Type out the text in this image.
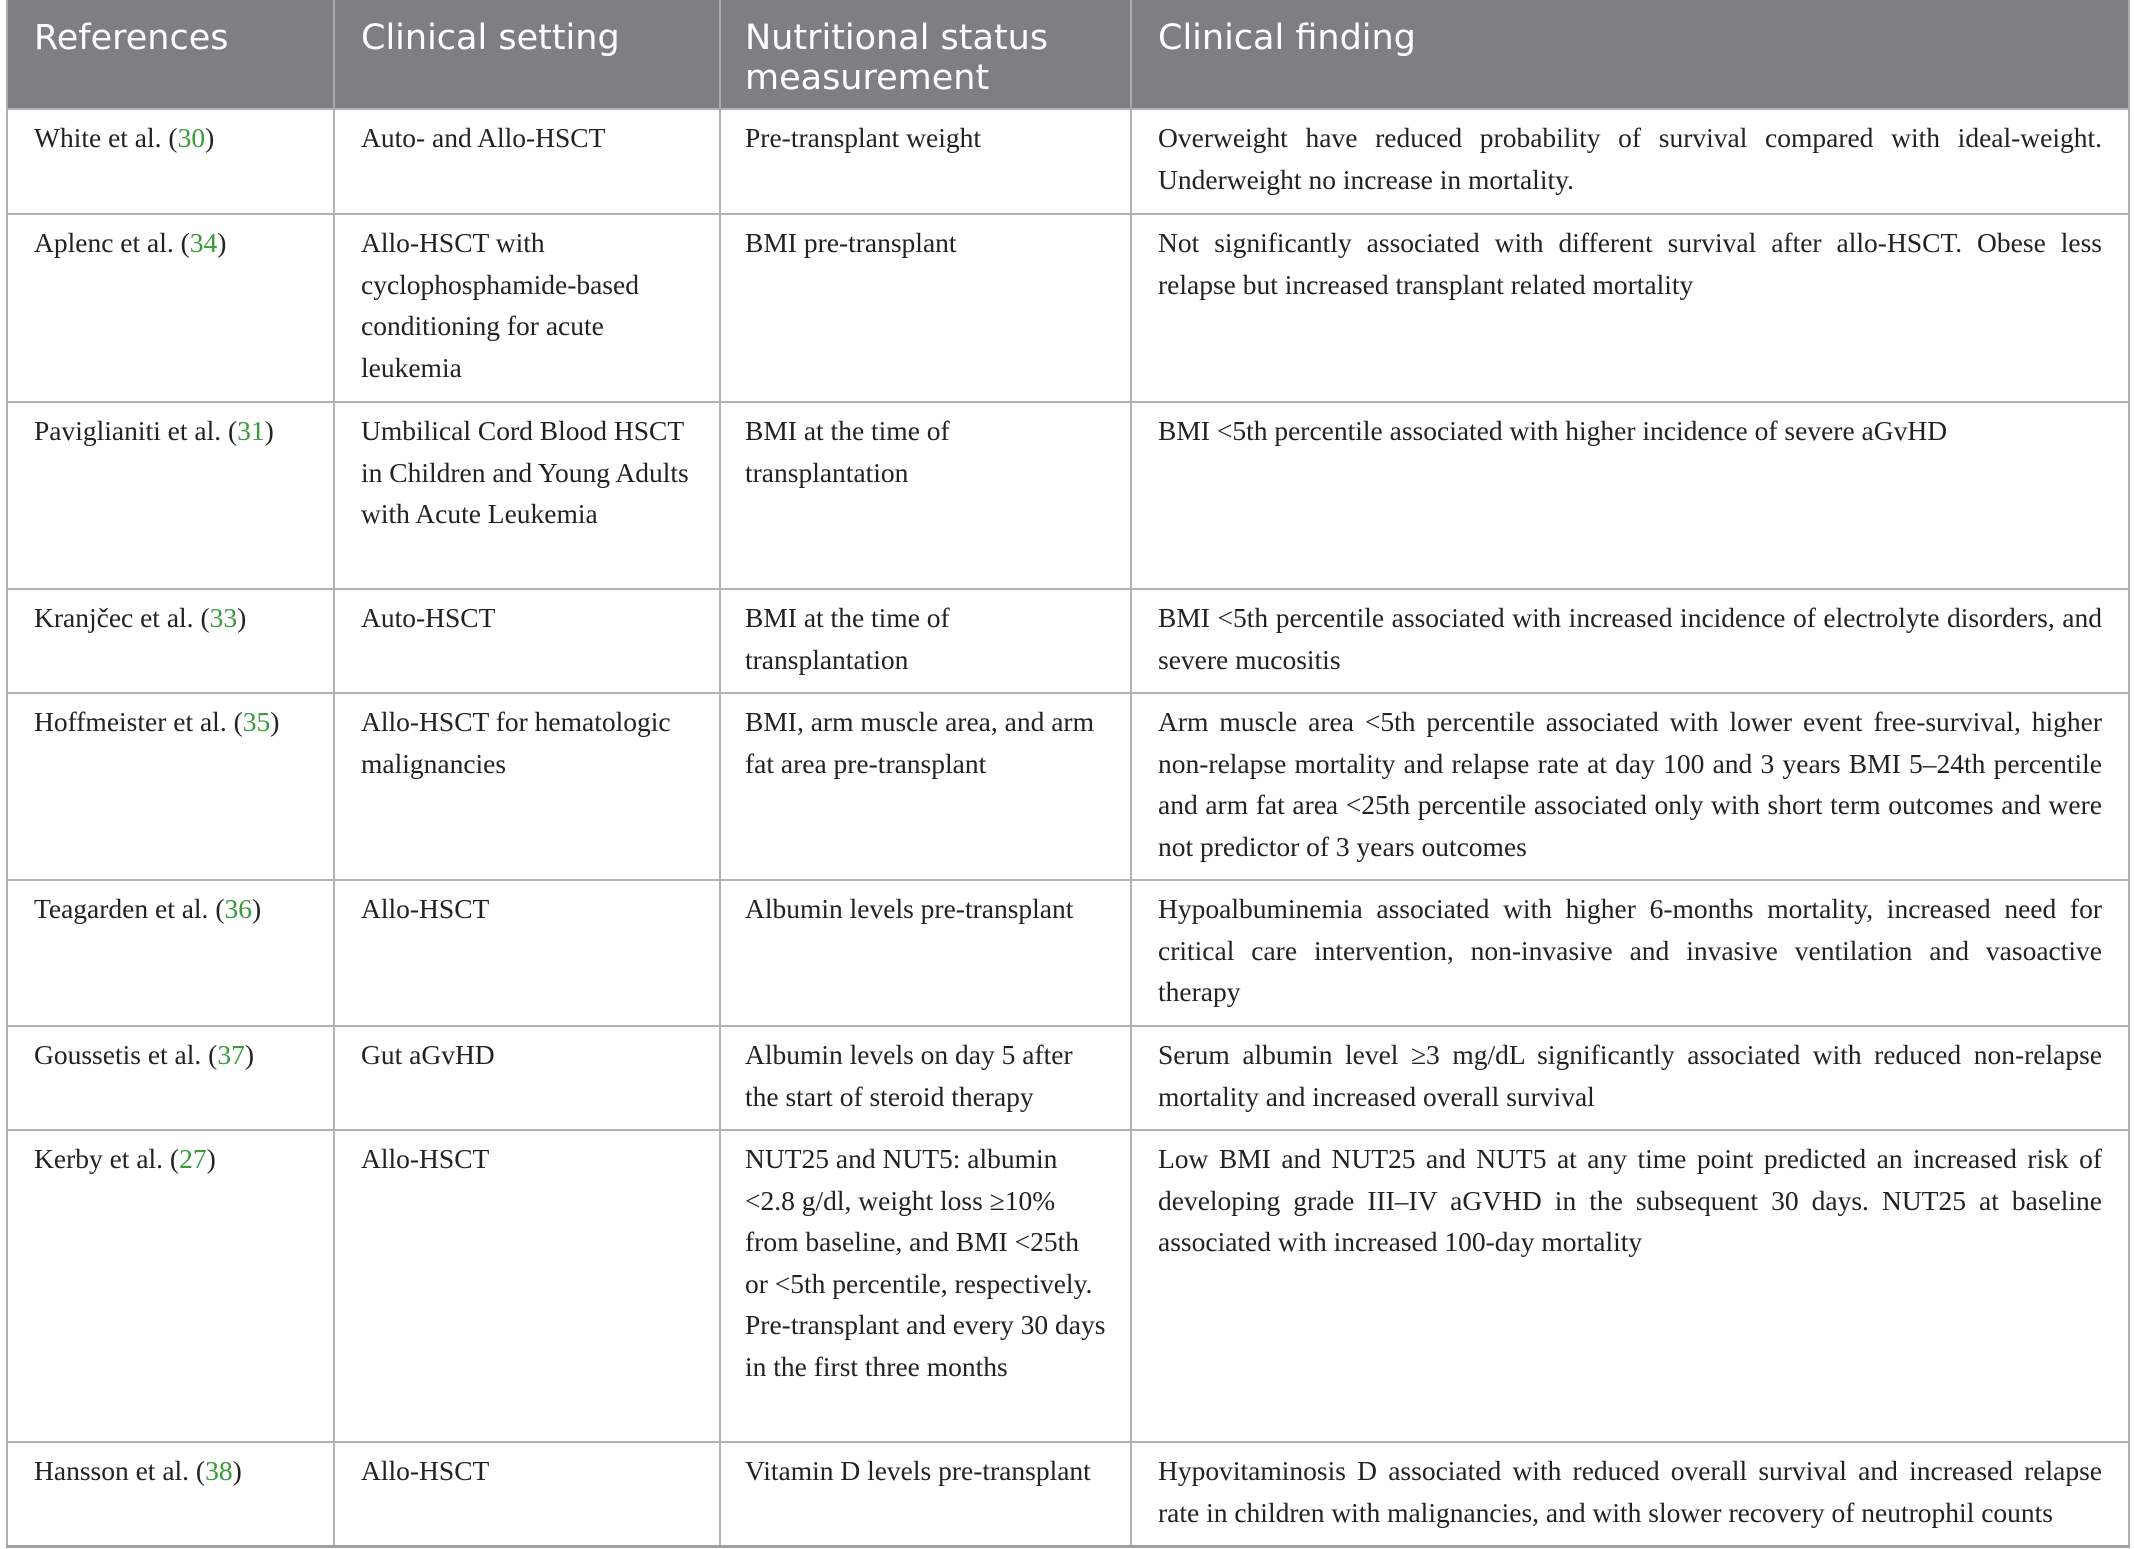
References	Clinical setting	Nutritional status measurement	Clinical finding
White et al. (30)	Auto- and Allo-HSCT	Pre-transplant weight	Overweight have reduced probability of survival compared with ideal-weight. Underweight no increase in mortality.
Aplenc et al. (34)	Allo-HSCT with cyclophosphamide-based conditioning for acute leukemia	BMI pre-transplant	Not significantly associated with different survival after allo-HSCT. Obese less relapse but increased transplant related mortality
Paviglianiti et al. (31)	Umbilical Cord Blood HSCT in Children and Young Adults with Acute Leukemia	BMI at the time of transplantation	BMI <5th percentile associated with higher incidence of severe aGvHD
Kranjčec et al. (33)	Auto-HSCT	BMI at the time of transplantation	BMI <5th percentile associated with increased incidence of electrolyte disorders, and severe mucositis
Hoffmeister et al. (35)	Allo-HSCT for hematologic malignancies	BMI, arm muscle area, and arm fat area pre-transplant	Arm muscle area <5th percentile associated with lower event free-survival, higher non-relapse mortality and relapse rate at day 100 and 3 years BMI 5–24th percentile and arm fat area <25th percentile associated only with short term outcomes and were not predictor of 3 years outcomes
Teagarden et al. (36)	Allo-HSCT	Albumin levels pre-transplant	Hypoalbuminemia associated with higher 6-months mortality, increased need for critical care intervention, non-invasive and invasive ventilation and vasoactive therapy
Goussetis et al. (37)	Gut aGvHD	Albumin levels on day 5 after the start of steroid therapy	Serum albumin level ≥3 mg/dL significantly associated with reduced non-relapse mortality and increased overall survival
Kerby et al. (27)	Allo-HSCT	NUT25 and NUT5: albumin <2.8 g/dl, weight loss ≥10% from baseline, and BMI <25th or <5th percentile, respectively. Pre-transplant and every 30 days in the first three months	Low BMI and NUT25 and NUT5 at any time point predicted an increased risk of developing grade III–IV aGVHD in the subsequent 30 days. NUT25 at baseline associated with increased 100-day mortality
Hansson et al. (38)	Allo-HSCT	Vitamin D levels pre-transplant	Hypovitaminosis D associated with reduced overall survival and increased relapse rate in children with malignancies, and with slower recovery of neutrophil counts
